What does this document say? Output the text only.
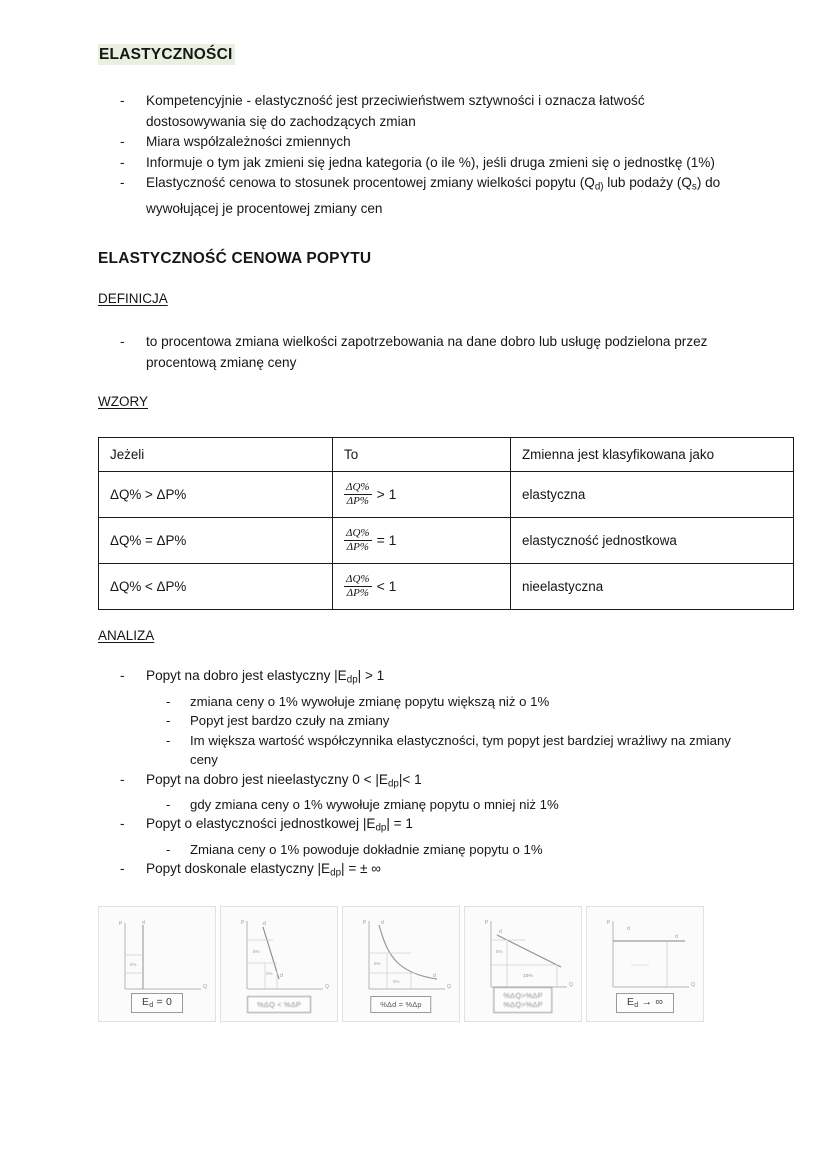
ELASTYCZNOŚCI
- Kompetencyjnie - elastyczność jest przeciwieństwem sztywności i oznacza łatwość dostosowywania się do zachodzących zmian
- Miara współzależności zmiennych
- Informuje o tym jak zmieni się jedna kategoria (o ile %), jeśli druga zmieni się o jednostkę (1%)
- Elastyczność cenowa to stosunek procentowej zmiany wielkości popytu ($Q_{d)}$ lub podaży $(Q_s)$ do wywołującej je procentowej zmiany cen
ELASTYCZNOŚĆ CENOWA POPYTU
DEFINICJA
- to procentowa zmiana wielkości zapotrzebowania na dane dobro lub usługę podzielona przez procentową zmianę ceny
WZORY
Jeżeli	To	Zmienna jest klasyfikowana jako
ΔQ% > ΔP%	$\frac{\Delta Q\%}{\Delta P\%} > 1$	elastyczna
ΔQ% = ΔP%	$\frac{\Delta Q\%}{\Delta P\%} = 1$	elastyczność jednostkowa
ΔQ% < ΔP%	$\frac{\Delta Q\%}{\Delta P\%} < 1$	nieelastyczna
ANALIZA
- Popyt na dobro jest elastyczny $|E_{dp}| > 1$
- zmiana ceny o 1% wywołuje zmianę popytu większą niż o 1%
- Popyt jest bardzo czuły na zmiany
- Im większa wartość współczynnika elastyczności, tym popyt jest bardziej wrażliwy na zmiany ceny
- Popyt na dobro jest nieelastyczny $0 < |E_{dp}|< 1$
- gdy zmiana ceny o 1% wywołuje zmianę popytu o mniej niż 1%
- Popyt o elastyczności jednostkowej $|E_{dp}| = 1$
- Zmiana ceny o 1% powoduje dokładnie zmianę popytu o 1%
- Popyt doskonale elastyczny $|E_{dp}|$ = ± ∞
P
Q
d
5%
$E_d = 0$
P
Q
d
d
5%
2%
%ΔQ < %ΔP
P
Q
d
d
5%
5%
%Δd = %Δp
P
Q
d
5%
10%
%ΔQ>%ΔP
%ΔQ>%ΔP
P
Q
d
d
$E_d$ → ∞
